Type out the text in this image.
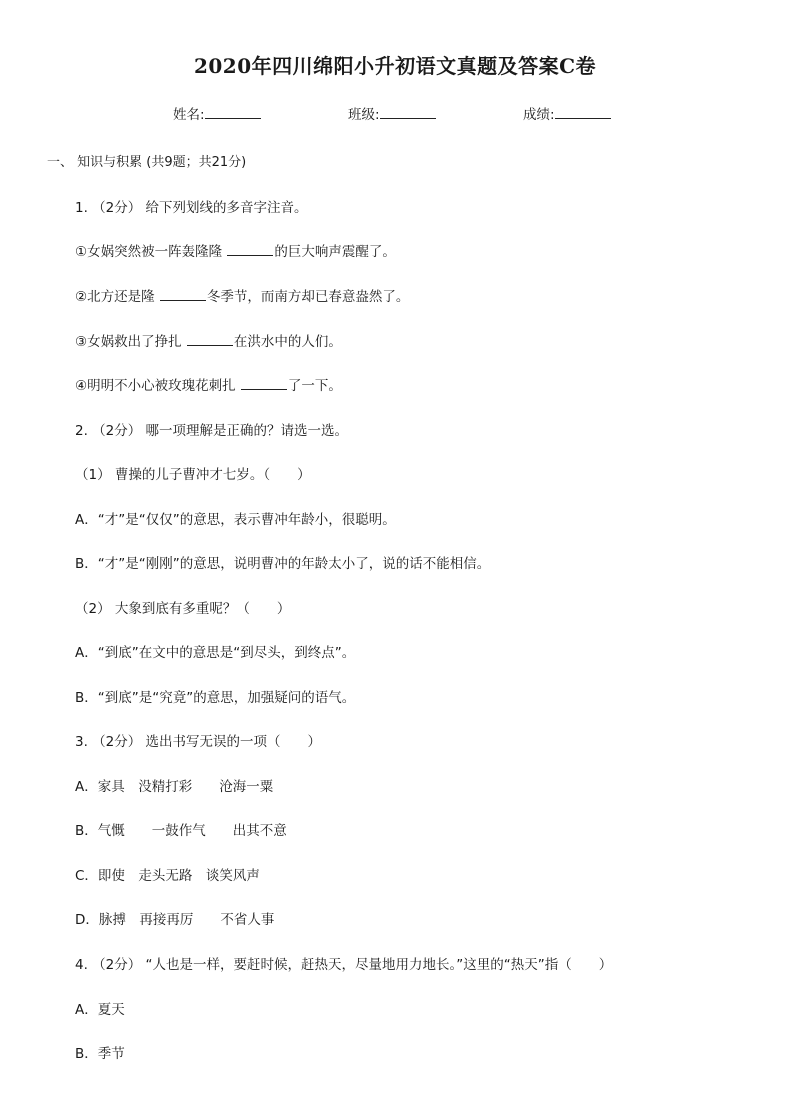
2020年四川绵阳小升初语文真题及答案C卷
姓名:	班级:	成绩:
一、 知识与积累 (共9题；共21分)
1. （2分） 给下列划线的多音字注音。
①女娲突然被一阵轰隆隆	的巨大响声震醒了。
②北方还是隆	冬季节，而南方却已春意盎然了。
③女娲救出了挣扎	在洪水中的人们。
④明明不小心被玫瑰花刺扎	了一下。
2. （2分） 哪一项理解是正确的？请选一选。
（1） 曹操的儿子曹冲才七岁。（　　）
A．“才”是“仅仅”的意思，表示曹冲年龄小，很聪明。
B．“才”是“刚刚”的意思，说明曹冲的年龄太小了，说的话不能相信。
（2） 大象到底有多重呢？（　　）
A．“到底”在文中的意思是“到尽头，到终点”。
B．“到底”是“究竟”的意思，加强疑问的语气。
3. （2分） 选出书写无误的一项（　　）
A．家具　没精打彩　　沧海一粟
B．气慨　　一鼓作气　　出其不意
C．即使　走头无路　谈笑风声
D．脉搏　再接再厉　　不省人事
4. （2分） “人也是一样，要赶时候，赶热天，尽量地用力地长。”这里的“热天”指（　　）
A．夏天
B．季节
